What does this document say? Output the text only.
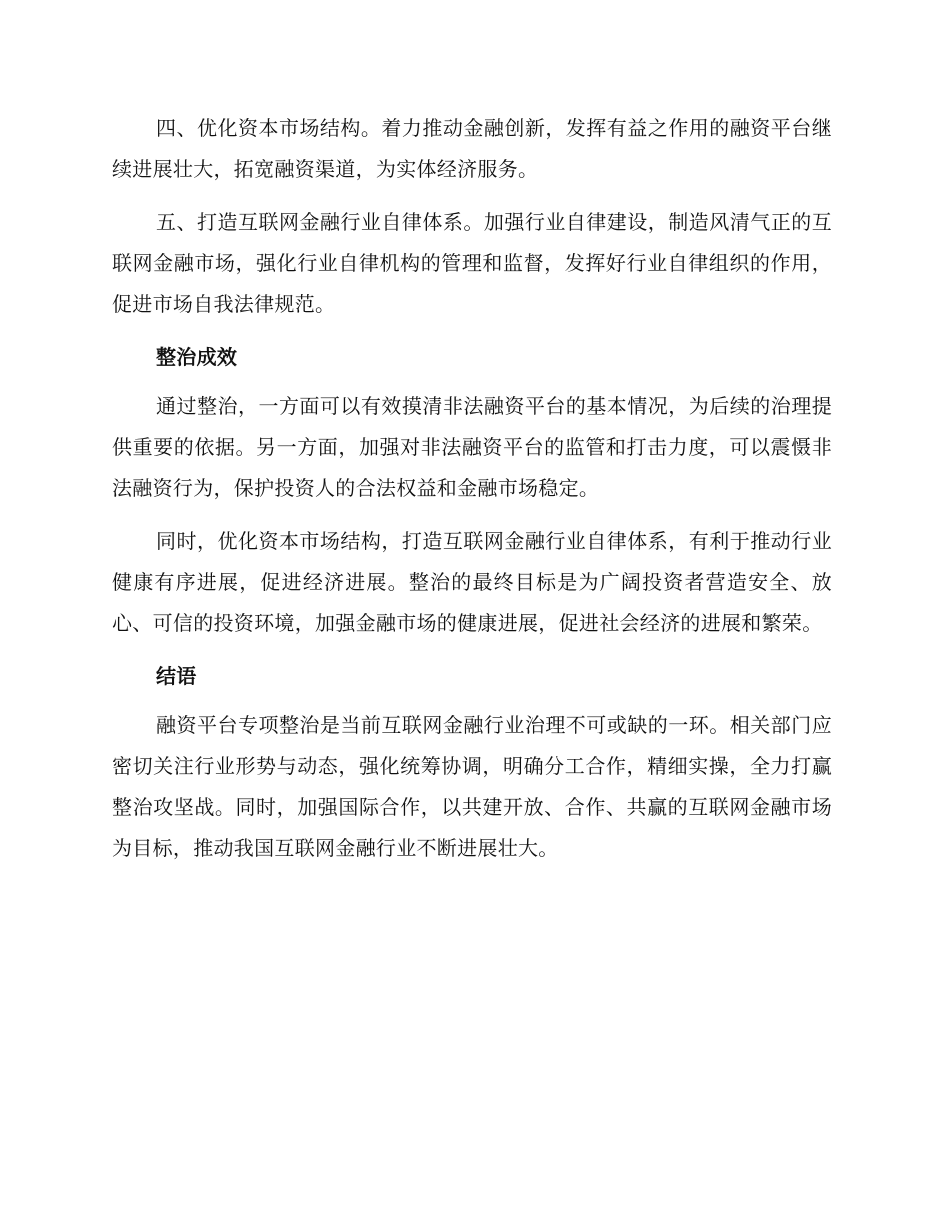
四、优化资本市场结构。着力推动金融创新，发挥有益之作用的融资平台继续进展壮大，拓宽融资渠道，为实体经济服务。

五、打造互联网金融行业自律体系。加强行业自律建设，制造风清气正的互联网金融市场，强化行业自律机构的管理和监督，发挥好行业自律组织的作用，促进市场自我法律规范。

整治成效

通过整治，一方面可以有效摸清非法融资平台的基本情况，为后续的治理提供重要的依据。另一方面，加强对非法融资平台的监管和打击力度，可以震慑非法融资行为，保护投资人的合法权益和金融市场稳定。

同时，优化资本市场结构，打造互联网金融行业自律体系，有利于推动行业健康有序进展，促进经济进展。整治的最终目标是为广阔投资者营造安全、放心、可信的投资环境，加强金融市场的健康进展，促进社会经济的进展和繁荣。

结语

融资平台专项整治是当前互联网金融行业治理不可或缺的一环。相关部门应密切关注行业形势与动态，强化统筹协调，明确分工合作，精细实操，全力打赢整治攻坚战。同时，加强国际合作，以共建开放、合作、共赢的互联网金融市场为目标，推动我国互联网金融行业不断进展壮大。
